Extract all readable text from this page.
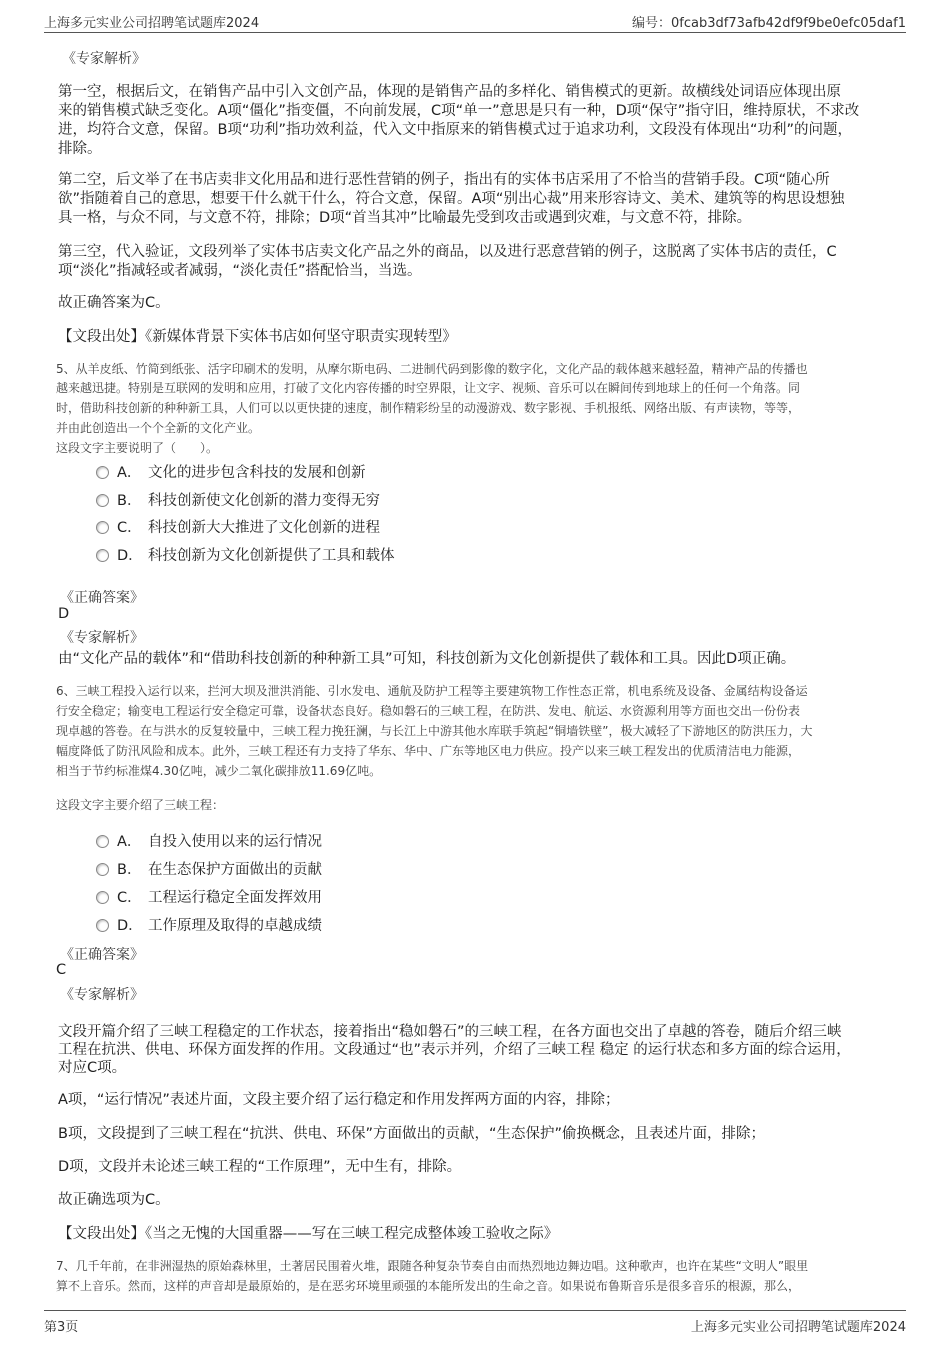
上海多元实业公司招聘笔试题库2024	编号：0fcab3df73afb42df9f9be0efc05daf1

《专家解析》

第一空，根据后文，在销售产品中引入文创产品，体现的是销售产品的多样化、销售模式的更新。故横线处词语应体现出原

来的销售模式缺乏变化。A项“僵化”指变僵，不向前发展，C项“单一”意思是只有一种，D项“保守”指守旧，维持原状，不求改

进，均符合文意，保留。B项“功利”指功效利益，代入文中指原来的销售模式过于追求功利，文段没有体现出“功利”的问题，

排除。

第二空，后文举了在书店卖非文化用品和进行恶性营销的例子，指出有的实体书店采用了不恰当的营销手段。C项“随心所

欲”指随着自己的意思，想要干什么就干什么，符合文意，保留。A项“别出心裁”用来形容诗文、美术、建筑等的构思设想独

具一格，与众不同，与文意不符，排除；D项“首当其冲”比喻最先受到攻击或遇到灾难，与文意不符，排除。

第三空，代入验证，文段列举了实体书店卖文化产品之外的商品，以及进行恶意营销的例子，这脱离了实体书店的责任，C

项“淡化”指减轻或者减弱，“淡化责任”搭配恰当，当选。

故正确答案为C。

【文段出处】《新媒体背景下实体书店如何坚守职责实现转型》

5、从羊皮纸、竹简到纸张、活字印刷术的发明，从摩尔斯电码、二进制代码到影像的数字化，文化产品的载体越来越轻盈，精神产品的传播也

越来越迅捷。特别是互联网的发明和应用，打破了文化内容传播的时空界限，让文字、视频、音乐可以在瞬间传到地球上的任何一个角落。同

时，借助科技创新的种种新工具，人们可以以更快捷的速度，制作精彩纷呈的动漫游戏、数字影视、手机报纸、网络出版、有声读物，等等，

并由此创造出一个个全新的文化产业。

这段文字主要说明了（　　）。

A． 文化的进步包含科技的发展和创新
B． 科技创新使文化创新的潜力变得无穷
C． 科技创新大大推进了文化创新的进程
D． 科技创新为文化创新提供了工具和载体

《正确答案》

D

《专家解析》

由“文化产品的载体”和“借助科技创新的种种新工具”可知，科技创新为文化创新提供了载体和工具。因此D项正确。

6、三峡工程投入运行以来，拦河大坝及泄洪消能、引水发电、通航及防护工程等主要建筑物工作性态正常，机电系统及设备、金属结构设备运

行安全稳定；输变电工程运行安全稳定可靠，设备状态良好。稳如磐石的三峡工程，在防洪、发电、航运、水资源利用等方面也交出一份份表

现卓越的答卷。在与洪水的反复较量中，三峡工程力挽狂澜，与长江上中游其他水库联手筑起“铜墙铁壁”，极大减轻了下游地区的防洪压力，大

幅度降低了防汛风险和成本。此外，三峡工程还有力支持了华东、华中、广东等地区电力供应。投产以来三峡工程发出的优质清洁电力能源，

相当于节约标准煤4.30亿吨，减少二氧化碳排放11.69亿吨。

这段文字主要介绍了三峡工程：

A． 自投入使用以来的运行情况
B． 在生态保护方面做出的贡献
C． 工程运行稳定全面发挥效用
D． 工作原理及取得的卓越成绩

《正确答案》

C

《专家解析》

文段开篇介绍了三峡工程稳定的工作状态，接着指出“稳如磐石”的三峡工程，在各方面也交出了卓越的答卷，随后介绍三峡

工程在抗洪、供电、环保方面发挥的作用。文段通过“也”表示并列，介绍了三峡工程 稳定 的运行状态和多方面的综合运用，

对应C项。

A项，“运行情况”表述片面，文段主要介绍了运行稳定和作用发挥两方面的内容，排除；

B项，文段提到了三峡工程在“抗洪、供电、环保”方面做出的贡献，“生态保护”偷换概念，且表述片面，排除；

D项，文段并未论述三峡工程的“工作原理”，无中生有，排除。

故正确选项为C。

【文段出处】《当之无愧的大国重器——写在三峡工程完成整体竣工验收之际》

7、几千年前，在非洲湿热的原始森林里，土著居民围着火堆，跟随各种复杂节奏自由而热烈地边舞边唱。这种歌声，也许在某些“文明人”眼里

算不上音乐。然而，这样的声音却是最原始的，是在恶劣环境里顽强的本能所发出的生命之音。如果说布鲁斯音乐是很多音乐的根源，那么，

第3页	上海多元实业公司招聘笔试题库2024
